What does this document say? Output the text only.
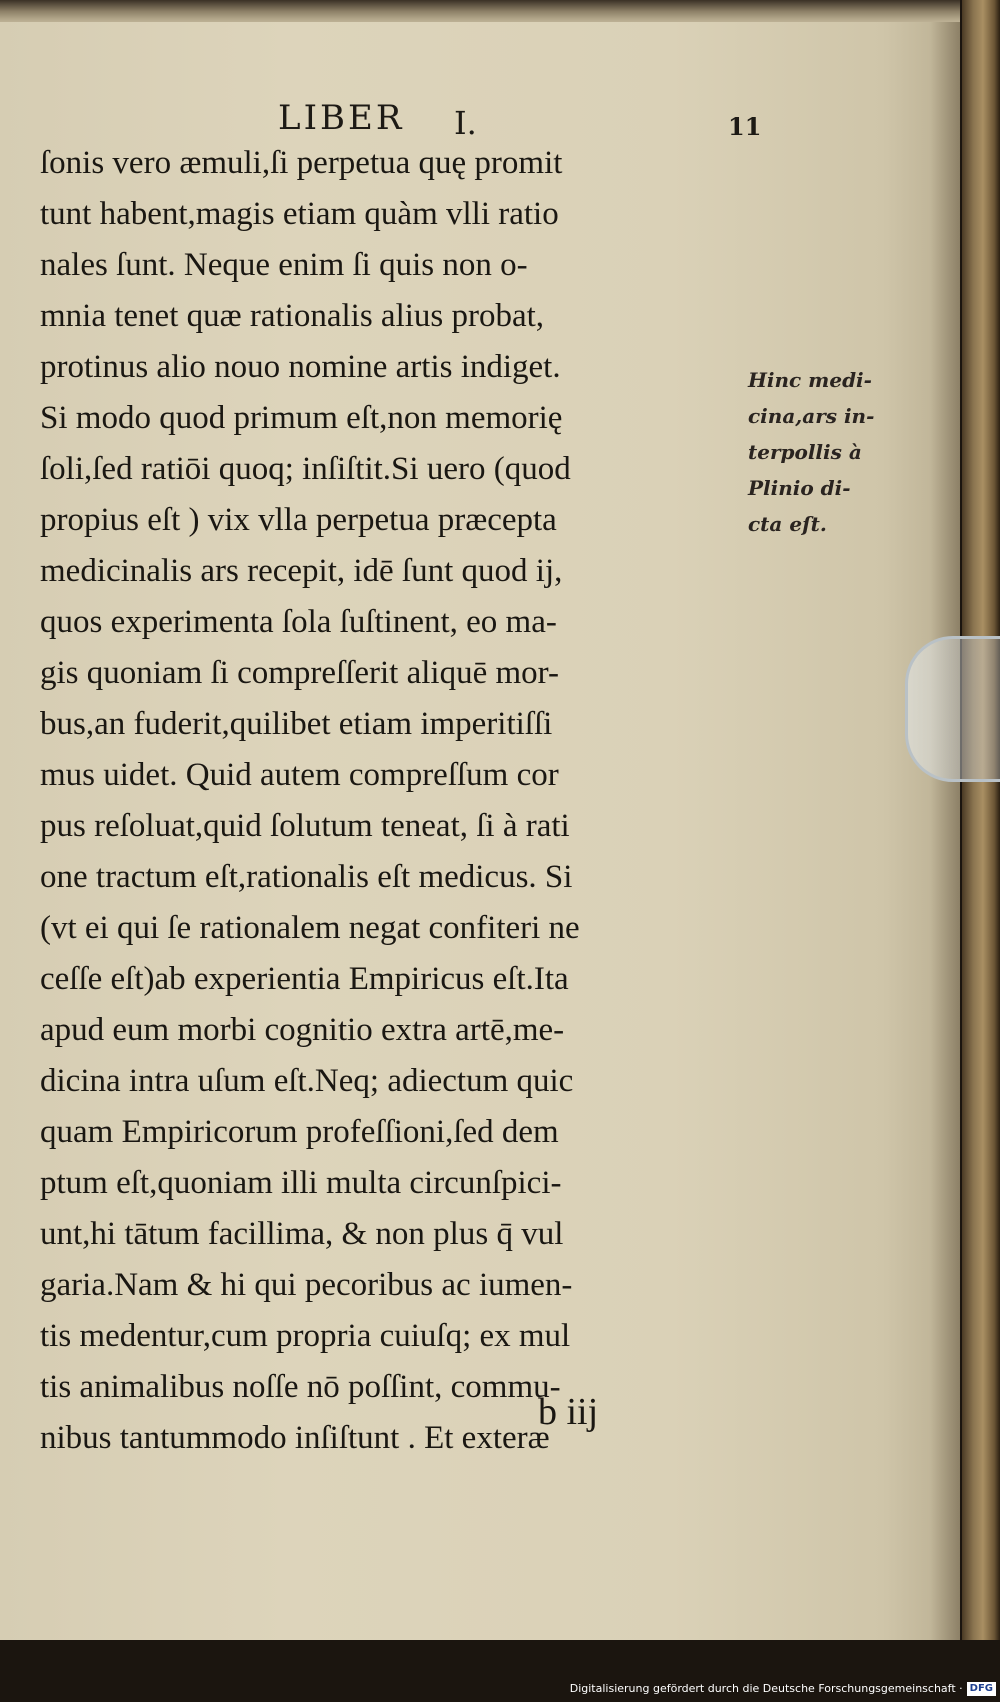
LIBER I.	11
ſonis vero æmuli,ſi perpetua quę promit
tunt habent,magis etiam quàm vlli ratio
nales ſunt. Neque enim ſi quis non o-
mnia tenet quæ rationalis alius probat,
protinus alio nouo nomine artis indiget.
Si modo quod primum eſt,non memorię
ſoli,ſed ratiōi quoq; inſiſtit.Si uero (quod
propius eſt ) vix vlla perpetua præcepta
medicinalis ars recepit, idē ſunt quod ij,
quos experimenta ſola ſuſtinent, eo ma-
gis quoniam ſi compreſſerit aliquē mor-
bus,an fuderit,quilibet etiam imperitiſſi
mus uidet. Quid autem compreſſum cor
pus reſoluat,quid ſolutum teneat, ſi à rati
one tractum eſt,rationalis eſt medicus. Si
(vt ei qui ſe rationalem negat confiteri ne
ceſſe eſt)ab experientia Empiricus eſt.Ita
apud eum morbi cognitio extra artē,me-
dicina intra uſum eſt.Neq; adiectum quic
quam Empiricorum profeſſioni,ſed dem
ptum eſt,quoniam illi multa circunſpici-
unt,hi tātum facillima, & non plus q̄ vul
garia.Nam & hi qui pecoribus ac iumen-
tis medentur,cum propria cuiuſq; ex mul
tis animalibus noſſe nō poſſint, commu-
nibus tantummodo inſiſtunt . Et exteræ
Hinc medi-
cina,ars in-
terpollis à
Plinio di-
cta eſt.
b iij
Digitalisierung gefördert durch die Deutsche Forschungsgemeinschaft · DFG
